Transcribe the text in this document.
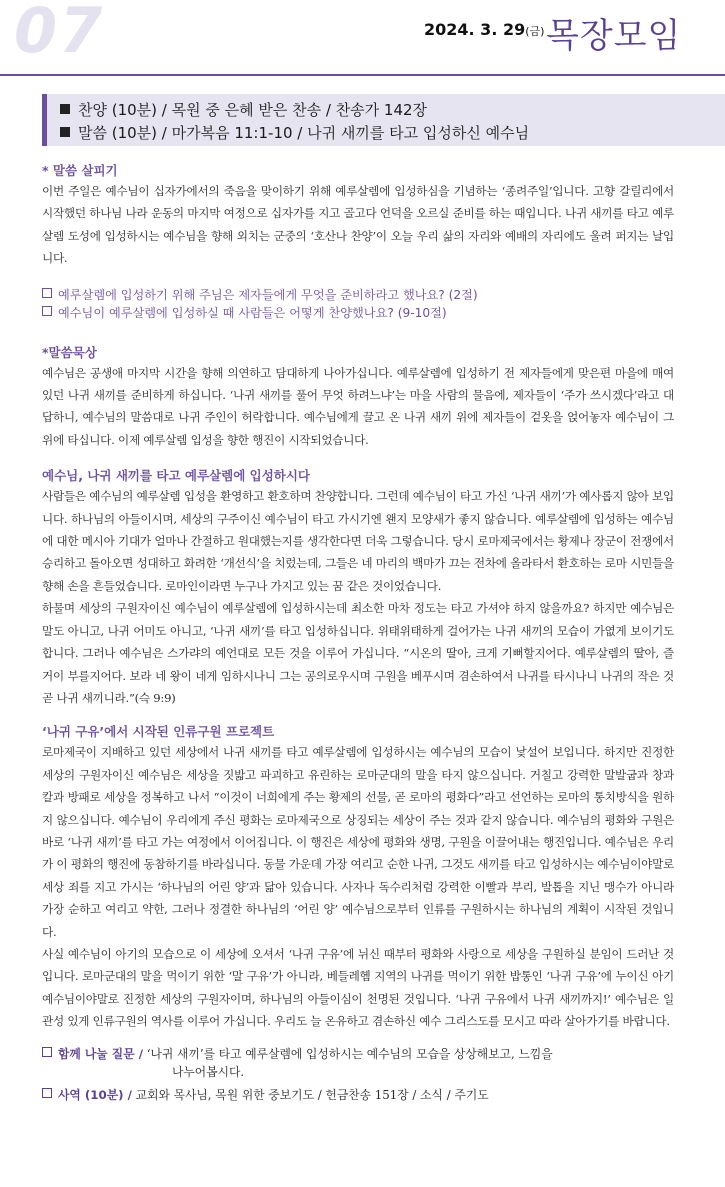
07	2024. 3. 29(금) 목장모임
찬양 (10분) / 목원 중 은혜 받은 찬송 / 찬송가 142장
말씀 (10분) / 마가복음 11:1-10 / 나귀 새끼를 타고 입성하신 예수님

* 말씀 살피기

이번 주일은 예수님이 십자가에서의 죽음을 맞이하기 위해 예루살렘에 입성하심을 기념하는 ‘종려주일’입니다. 고향 갈릴리에서 시작했던 하나님 나라 운동의 마지막 여정으로 십자가를 지고 골고다 언덕을 오르실 준비를 하는 때입니다. 나귀 새끼를 타고 예루살렘 도성에 입성하시는 예수님을 향해 외치는 군중의 ‘호산나 찬양’이 오늘 우리 삶의 자리와 예배의 자리에도 울려 퍼지는 날입니다.

예루살렘에 입성하기 위해 주님은 제자들에게 무엇을 준비하라고 했나요? (2절)

예수님이 예루살렘에 입성하실 때 사람들은 어떻게 찬양했나요? (9-10절)

*말씀묵상

예수님은 공생애 마지막 시간을 향해 의연하고 담대하게 나아가십니다. 예루살렘에 입성하기 전 제자들에게 맞은편 마을에 매여 있던 나귀 새끼를 준비하게 하십니다. ‘나귀 새끼를 풀어 무엇 하려느냐’는 마을 사람의 물음에, 제자들이 ‘주가 쓰시겠다’라고 대답하니, 예수님의 말씀대로 나귀 주인이 허락합니다. 예수님에게 끌고 온 나귀 새끼 위에 제자들이 겉옷을 얹어놓자 예수님이 그 위에 타십니다. 이제 예루살렘 입성을 향한 행진이 시작되었습니다.

예수님, 나귀 새끼를 타고 예루살렘에 입성하시다

사람들은 예수님의 예루살렘 입성을 환영하고 환호하며 찬양합니다. 그런데 예수님이 타고 가신 ‘나귀 새끼’가 예사롭지 않아 보입니다. 하나님의 아들이시며, 세상의 구주이신 예수님이 타고 가시기엔 왠지 모양새가 좋지 않습니다. 예루살렘에 입성하는 예수님에 대한 메시아 기대가 얼마나 간절하고 원대했는지를 생각한다면 더욱 그렇습니다. 당시 로마제국에서는 황제나 장군이 전쟁에서 승리하고 돌아오면 성대하고 화려한 ‘개선식’을 치렀는데, 그들은 네 마리의 백마가 끄는 전차에 올라타서 환호하는 로마 시민들을 향해 손을 흔들었습니다. 로마인이라면 누구나 가지고 있는 꿈 같은 것이었습니다.

하물며 세상의 구원자이신 예수님이 예루살렘에 입성하시는데 최소한 마차 정도는 타고 가셔야 하지 않을까요? 하지만 예수님은 말도 아니고, 나귀 어미도 아니고, ‘나귀 새끼’를 타고 입성하십니다. 위태위태하게 걸어가는 나귀 새끼의 모습이 가엾게 보이기도 합니다. 그러나 예수님은 스가랴의 예언대로 모든 것을 이루어 가십니다. “시온의 딸아, 크게 기뻐할지어다. 예루살렘의 딸아, 즐거이 부를지어다. 보라 네 왕이 네게 임하시나니 그는 공의로우시며 구원을 베푸시며 겸손하여서 나귀를 타시나니 나귀의 작은 것 곧 나귀 새끼니라.”(슥 9:9)

‘나귀 구유’에서 시작된 인류구원 프로젝트

로마제국이 지배하고 있던 세상에서 나귀 새끼를 타고 예루살렘에 입성하시는 예수님의 모습이 낯설어 보입니다. 하지만 진정한 세상의 구원자이신 예수님은 세상을 짓밟고 파괴하고 유린하는 로마군대의 말을 타지 않으십니다. 거칠고 강력한 말발굽과 창과 칼과 방패로 세상을 정복하고 나서 “이것이 너희에게 주는 황제의 선물, 곧 로마의 평화다”라고 선언하는 로마의 통치방식을 원하지 않으십니다. 예수님이 우리에게 주신 평화는 로마제국으로 상징되는 세상이 주는 것과 같지 않습니다. 예수님의 평화와 구원은 바로 ‘나귀 새끼’를 타고 가는 여정에서 이어집니다. 이 행진은 세상에 평화와 생명, 구원을 이끌어내는 행진입니다. 예수님은 우리가 이 평화의 행진에 동참하기를 바라십니다. 동물 가운데 가장 여리고 순한 나귀, 그것도 새끼를 타고 입성하시는 예수님이야말로 세상 죄를 지고 가시는 ‘하나님의 어린 양’과 닮아 있습니다. 사자나 독수리처럼 강력한 이빨과 부리, 발톱을 지닌 맹수가 아니라 가장 순하고 여리고 약한, 그러나 정결한 하나님의 ‘어린 양’ 예수님으로부터 인류를 구원하시는 하나님의 계획이 시작된 것입니다.

사실 예수님이 아기의 모습으로 이 세상에 오셔서 ‘나귀 구유’에 뉘신 때부터 평화와 사랑으로 세상을 구원하실 분임이 드러난 것입니다. 로마군대의 말을 먹이기 위한 ‘말 구유’가 아니라, 베들레헴 지역의 나귀를 먹이기 위한 밥통인 ‘나귀 구유’에 누이신 아기 예수님이야말로 진정한 세상의 구원자이며, 하나님의 아들이심이 천명된 것입니다. ‘나귀 구유에서 나귀 새끼까지!’ 예수님은 일관성 있게 인류구원의 역사를 이루어 가십니다. 우리도 늘 온유하고 겸손하신 예수 그리스도를 모시고 따라 살아가기를 바랍니다.

함께 나눌 질문 / ‘나귀 새끼’를 타고 예루살렘에 입성하시는 예수님의 모습을 상상해보고, 느낌을

나누어봅시다.

사역 (10분) / 교회와 목사님, 목원 위한 중보기도 / 헌금찬송 151장 / 소식 / 주기도
